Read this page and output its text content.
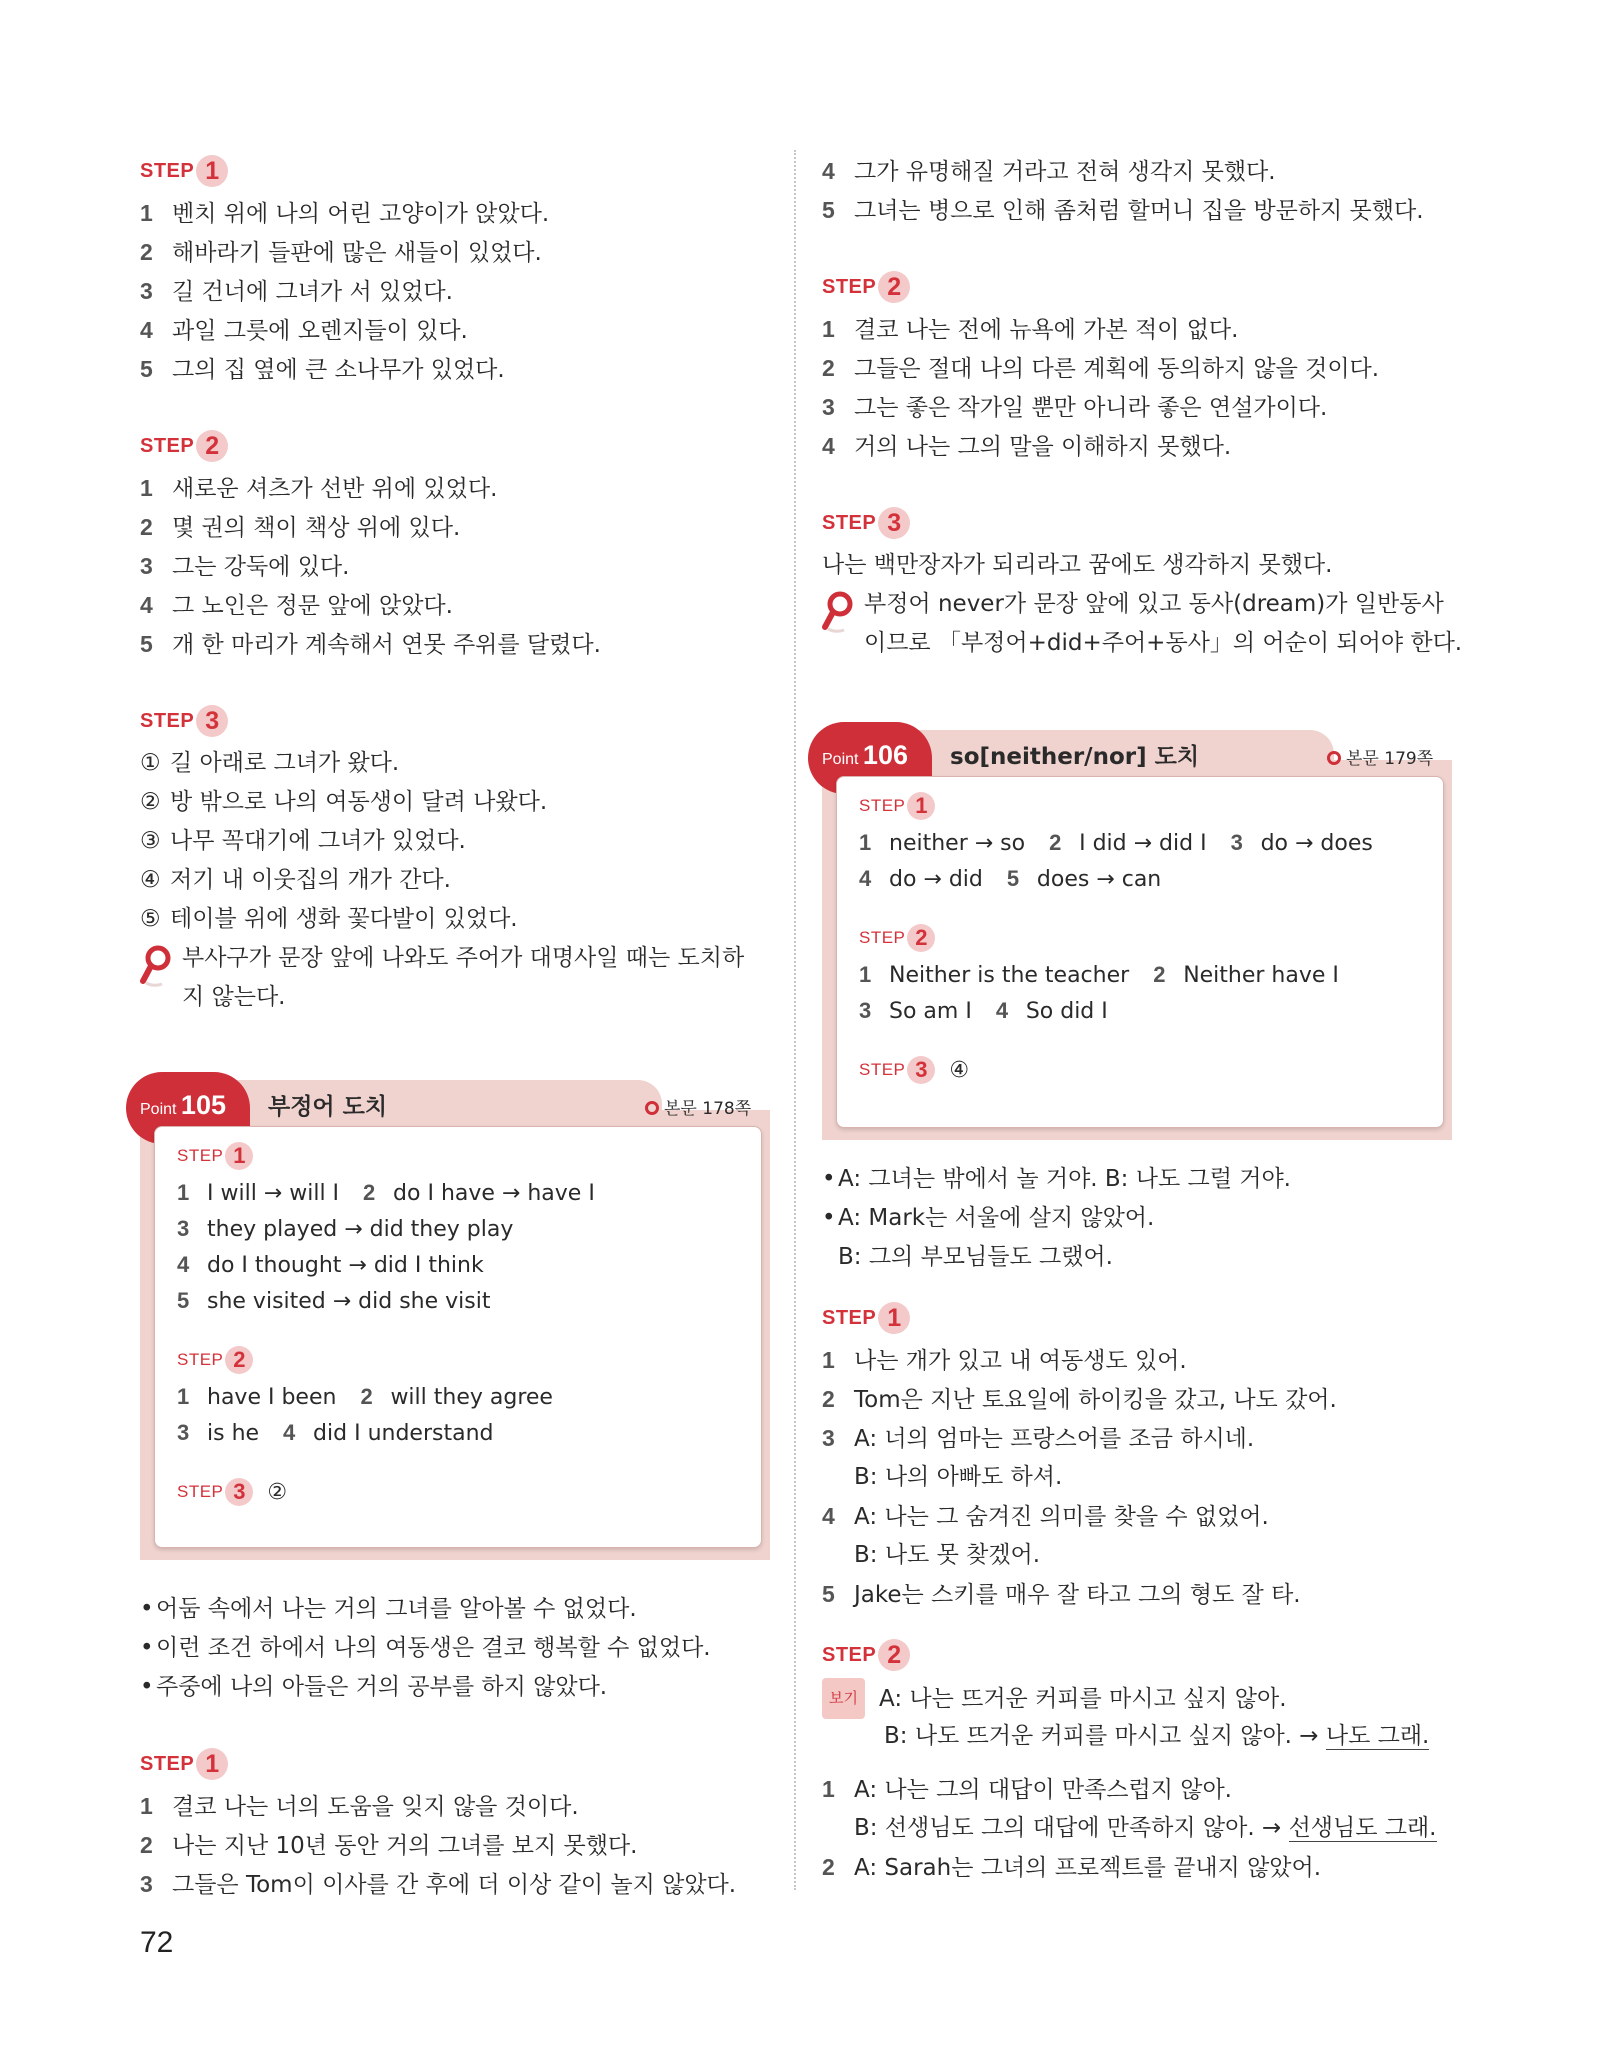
STEP 1
1 벤치 위에 나의 어린 고양이가 앉았다.
2 해바라기 들판에 많은 새들이 있었다.
3 길 건너에 그녀가 서 있었다.
4 과일 그릇에 오렌지들이 있다.
5 그의 집 옆에 큰 소나무가 있었다.
STEP 2
1 새로운 셔츠가 선반 위에 있었다.
2 몇 권의 책이 책상 위에 있다.
3 그는 강둑에 있다.
4 그 노인은 정문 앞에 앉았다.
5 개 한 마리가 계속해서 연못 주위를 달렸다.
STEP 3
① 길 아래로 그녀가 왔다.
② 방 밖으로 나의 여동생이 달려 나왔다.
③ 나무 꼭대기에 그녀가 있었다.
④ 저기 내 이웃집의 개가 간다.
⑤ 테이블 위에 생화 꽃다발이 있었다.
부사구가 문장 앞에 나와도 주어가 대명사일 때는 도치하
지 않는다.
Point 105	부정어 도치	본문 178쪽
STEP 1
1 I will → will I 2 do I have → have I
3 they played → did they play
4 do I thought → did I think
5 she visited → did she visit
STEP 2
1 have I been 2 will they agree
3 is he 4 did I understand
STEP 3 ②
• 어둠 속에서 나는 거의 그녀를 알아볼 수 없었다.
• 이런 조건 하에서 나의 여동생은 결코 행복할 수 없었다.
• 주중에 나의 아들은 거의 공부를 하지 않았다.
STEP 1
1 결코 나는 너의 도움을 잊지 않을 것이다.
2 나는 지난 10년 동안 거의 그녀를 보지 못했다.
3 그들은 Tom이 이사를 간 후에 더 이상 같이 놀지 않았다.
4 그가 유명해질 거라고 전혀 생각지 못했다.
5 그녀는 병으로 인해 좀처럼 할머니 집을 방문하지 못했다.
STEP 2
1 결코 나는 전에 뉴욕에 가본 적이 없다.
2 그들은 절대 나의 다른 계획에 동의하지 않을 것이다.
3 그는 좋은 작가일 뿐만 아니라 좋은 연설가이다.
4 거의 나는 그의 말을 이해하지 못했다.
STEP 3
나는 백만장자가 되리라고 꿈에도 생각하지 못했다.
부정어 never가 문장 앞에 있고 동사(dream)가 일반동사
이므로 「부정어+did+주어+동사」의 어순이 되어야 한다.
Point 106	so[neither/nor] 도치	본문 179쪽
STEP 1
1 neither → so 2 I did → did I 3 do → does
4 do → did 5 does → can
STEP 2
1 Neither is the teacher 2 Neither have I
3 So am I 4 So did I
STEP 3 ④
• A: 그녀는 밖에서 놀 거야. B: 나도 그럴 거야.
• A: Mark는 서울에 살지 않았어.
B: 그의 부모님들도 그랬어.
STEP 1
1 나는 개가 있고 내 여동생도 있어.
2 Tom은 지난 토요일에 하이킹을 갔고, 나도 갔어.
3 A: 너의 엄마는 프랑스어를 조금 하시네.
B: 나의 아빠도 하셔.
4 A: 나는 그 숨겨진 의미를 찾을 수 없었어.
B: 나도 못 찾겠어.
5 Jake는 스키를 매우 잘 타고 그의 형도 잘 타.
STEP 2
보기 A: 나는 뜨거운 커피를 마시고 싶지 않아.
B: 나도 뜨거운 커피를 마시고 싶지 않아. → 나도 그래.
1 A: 나는 그의 대답이 만족스럽지 않아.
B: 선생님도 그의 대답에 만족하지 않아. → 선생님도 그래.
2 A: Sarah는 그녀의 프로젝트를 끝내지 않았어.
72
